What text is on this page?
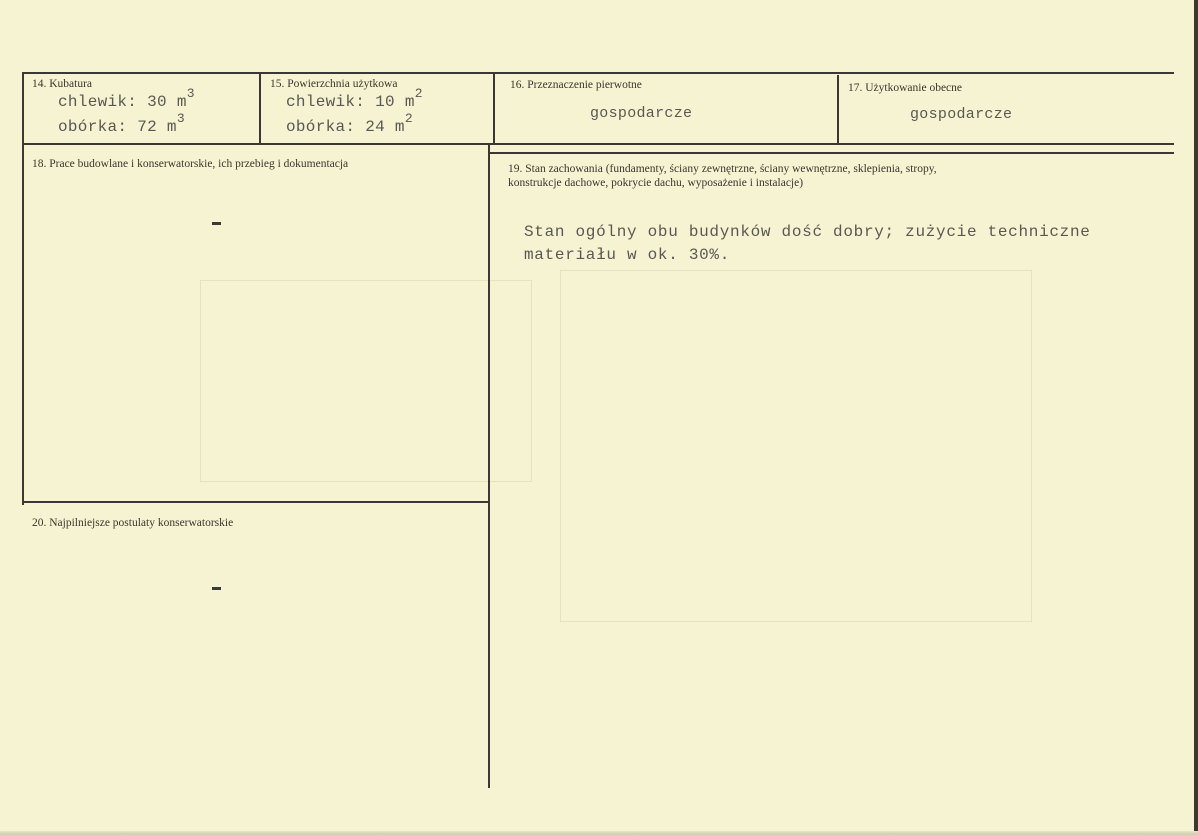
14. Kubatura
chlewik: 30 $m^3$
obórka: 72 $m^3$
15. Powierzchnia użytkowa
chlewik: 10 $m^2$
obórka: 24 $m^2$
16. Przeznaczenie pierwotne
gospodarcze
17. Użytkowanie obecne
gospodarcze
18. Prace budowlane i konserwatorskie, ich przebieg i dokumentacja	19. Stan zachowania (fundamenty, ściany zewnętrzne, ściany wewnętrzne, sklepienia, stropy,
konstrukcje dachowe, pokrycie dachu, wyposażenie i instalacje)
Stan ogólny obu budynków dość dobry; zużycie techniczne
materiału w ok. 30%.
20. Najpilniejsze postulaty konserwatorskie
